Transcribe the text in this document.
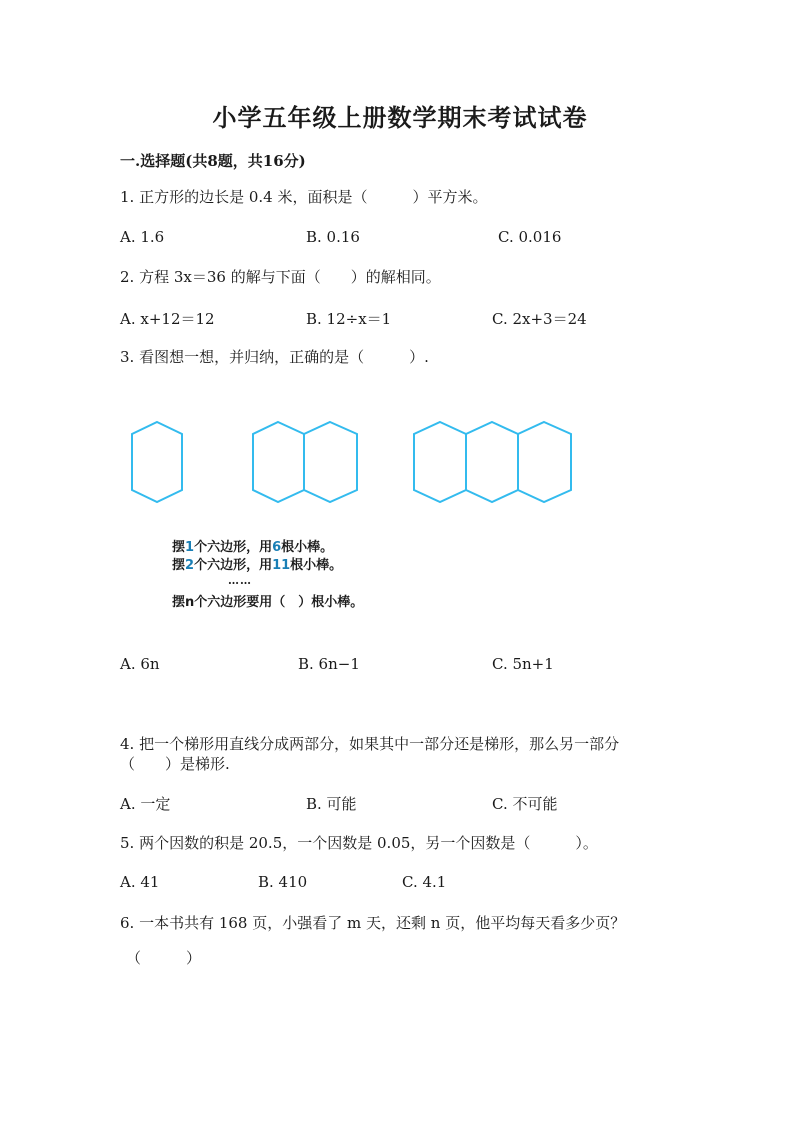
小学五年级上册数学期末考试试卷
一.选择题(共8题，共16分)
1. 正方形的边长是 0.4 米，面积是（　　　）平方米。
A. 1.6	B. 0.16	C. 0.016
2. 方程 3x＝36 的解与下面（　　）的解相同。
A. x+12＝12	B. 12÷x＝1	C. 2x+3＝24
3. 看图想一想，并归纳，正确的是（　　　）.
摆1个六边形，用6根小棒。
摆2个六边形，用11根小棒。
……
摆n个六边形要用（　）根小棒。
A. 6n	B. 6n−1	C. 5n+1
4. 把一个梯形用直线分成两部分，如果其中一部分还是梯形，那么另一部分
（　　）是梯形.
A. 一定	B. 可能	C. 不可能
5. 两个因数的积是 20.5，一个因数是 0.05，另一个因数是（　　　）。
A. 41	B. 410	C. 4.1
6. 一本书共有 168 页，小强看了 m 天，还剩 n 页，他平均每天看多少页？
（　　　）
